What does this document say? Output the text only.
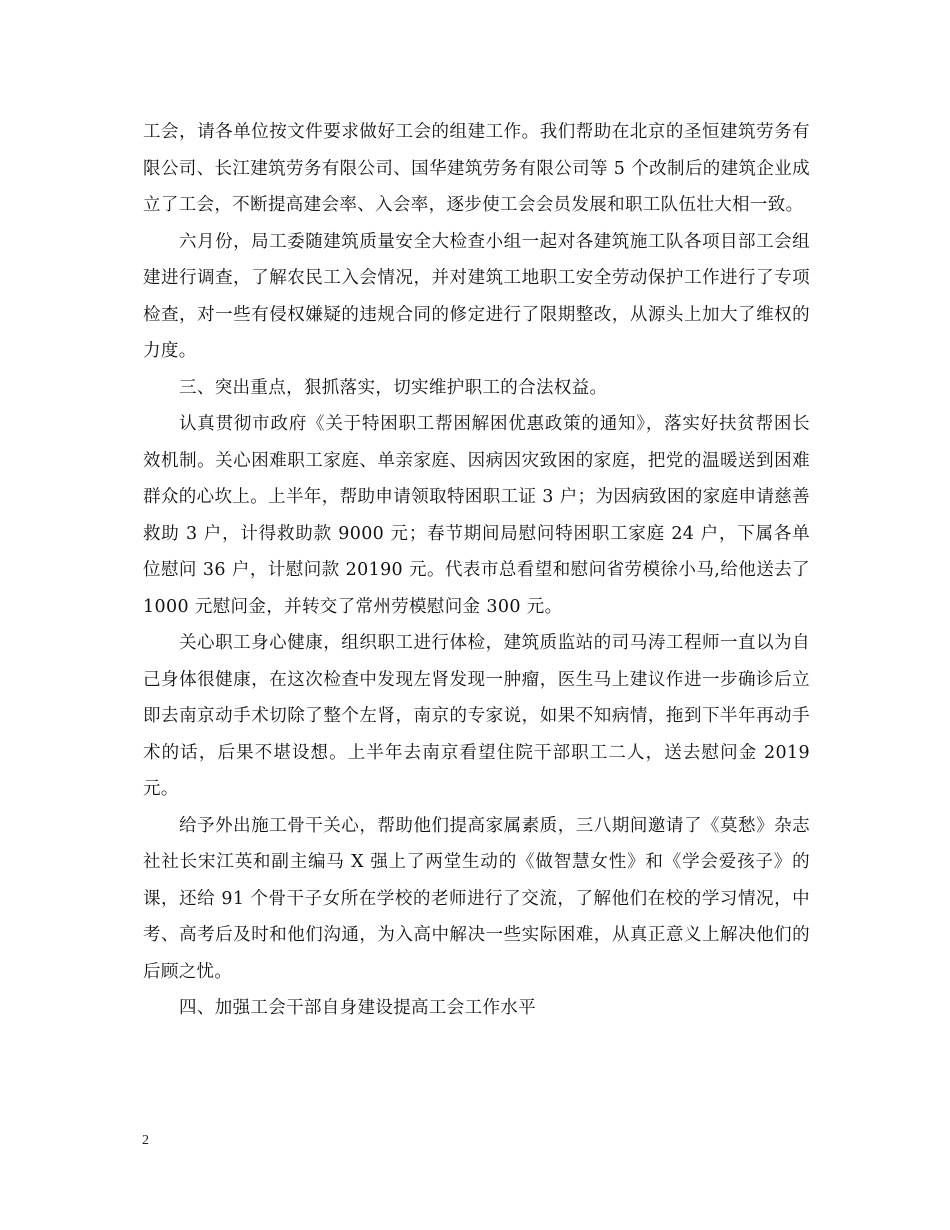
工会，请各单位按文件要求做好工会的组建工作。我们帮助在北京的圣恒建筑劳务有限公司、长江建筑劳务有限公司、国华建筑劳务有限公司等 5 个改制后的建筑企业成立了工会，不断提高建会率、入会率，逐步使工会会员发展和职工队伍壮大相一致。

六月份，局工委随建筑质量安全大检查小组一起对各建筑施工队各项目部工会组建进行调查，了解农民工入会情况，并对建筑工地职工安全劳动保护工作进行了专项检查，对一些有侵权嫌疑的违规合同的修定进行了限期整改，从源头上加大了维权的力度。

三、突出重点，狠抓落实，切实维护职工的合法权益。

认真贯彻市政府《关于特困职工帮困解困优惠政策的通知》，落实好扶贫帮困长效机制。关心困难职工家庭、单亲家庭、因病因灾致困的家庭，把党的温暖送到困难群众的心坎上。上半年，帮助申请领取特困职工证 3 户；为因病致困的家庭申请慈善救助 3 户，计得救助款 9000 元；春节期间局慰问特困职工家庭 24 户，下属各单位慰问 36 户，计慰问款 20190 元。代表市总看望和慰问省劳模徐小马,给他送去了 1000 元慰问金，并转交了常州劳模慰问金 300 元。

关心职工身心健康，组织职工进行体检，建筑质监站的司马涛工程师一直以为自己身体很健康，在这次检查中发现左肾发现一肿瘤，医生马上建议作进一步确诊后立即去南京动手术切除了整个左肾，南京的专家说，如果不知病情，拖到下半年再动手术的话，后果不堪设想。上半年去南京看望住院干部职工二人，送去慰问金 2019 元。

给予外出施工骨干关心，帮助他们提高家属素质，三八期间邀请了《莫愁》杂志社社长宋江英和副主编马 X 强上了两堂生动的《做智慧女性》和《学会爱孩子》的课，还给 91 个骨干子女所在学校的老师进行了交流，了解他们在校的学习情况，中考、高考后及时和他们沟通，为入高中解决一些实际困难，从真正意义上解决他们的后顾之忧。

四、加强工会干部自身建设提高工会工作水平

2
